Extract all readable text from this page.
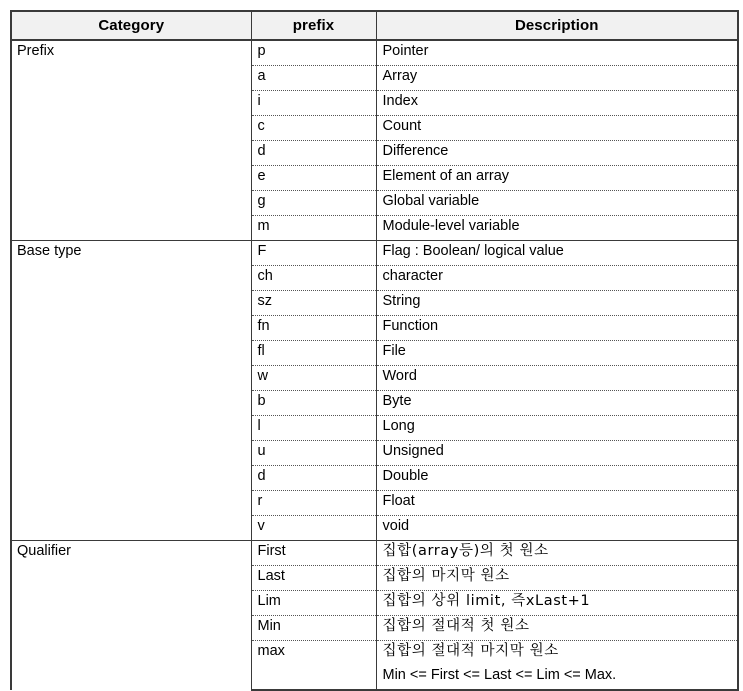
Category	prefix	Description
Prefix	p	Pointer
	a	Array
	i	Index
	c	Count
	d	Difference
	e	Element of an array
	g	Global variable
	m	Module-level variable
Base type	F	Flag : Boolean/ logical value
	ch	character
	sz	String
	fn	Function
	fl	File
	w	Word
	b	Byte
	l	Long
	u	Unsigned
	d	Double
	r	Float
	v	void
Qualifier	First	집합(array등)의 첫 원소
	Last	집합의 마지막 원소
	Lim	집합의 상위 limit, 즉xLast+1
	Min	집합의 절대적 첫 원소
	max	집합의 절대적 마지막 원소
		Min <= First <= Last <= Lim <= Max.
